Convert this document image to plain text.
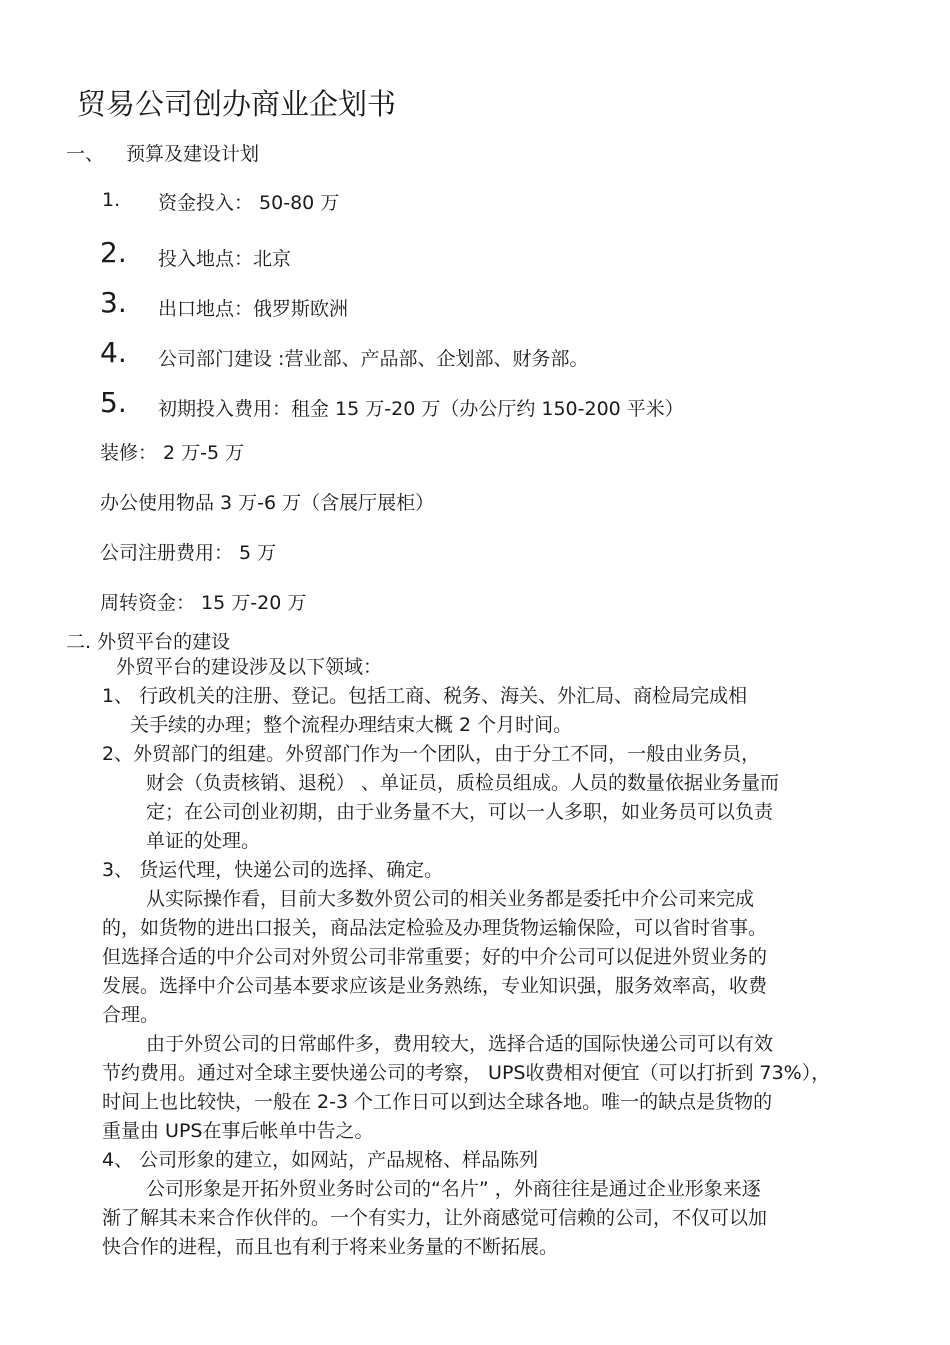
贸易公司创办商业企划书
一、 预算及建设计划
1. 资金投入： 50-80 万
2. 投入地点：北京
3. 出口地点：俄罗斯欧洲
4. 公司部门建设 :营业部、产品部、企划部、财务部。
5. 初期投入费用：租金 15 万-20 万（办公厅约 150-200 平米）
装修： 2 万-5 万
办公使用物品 3 万-6 万（含展厅展柜）
公司注册费用： 5 万
周转资金： 15 万-20 万
二. 外贸平台的建设
外贸平台的建设涉及以下领域：
1、 行政机关的注册、登记。包括工商、税务、海关、外汇局、商检局完成相
关手续的办理；整个流程办理结束大概 2 个月时间。
2、外贸部门的组建。外贸部门作为一个团队，由于分工不同，一般由业务员，
财会（负责核销、退税） 、单证员，质检员组成。人员的数量依据业务量而
定；在公司创业初期，由于业务量不大，可以一人多职，如业务员可以负责
单证的处理。
3、 货运代理，快递公司的选择、确定。
从实际操作看，目前大多数外贸公司的相关业务都是委托中介公司来完成
的，如货物的进出口报关，商品法定检验及办理货物运输保险，可以省时省事。
但选择合适的中介公司对外贸公司非常重要；好的中介公司可以促进外贸业务的
发展。选择中介公司基本要求应该是业务熟练，专业知识强，服务效率高，收费
合理。
由于外贸公司的日常邮件多，费用较大，选择合适的国际快递公司可以有效
节约费用。通过对全球主要快递公司的考察， UPS收费相对便宜（可以打折到 73%），
时间上也比较快，一般在 2-3 个工作日可以到达全球各地。唯一的缺点是货物的
重量由 UPS在事后帐单中告之。
4、 公司形象的建立，如网站，产品规格、样品陈列
公司形象是开拓外贸业务时公司的“名片” ，外商往往是通过企业形象来逐
渐了解其未来合作伙伴的。一个有实力，让外商感觉可信赖的公司，不仅可以加
快合作的进程，而且也有利于将来业务量的不断拓展。
